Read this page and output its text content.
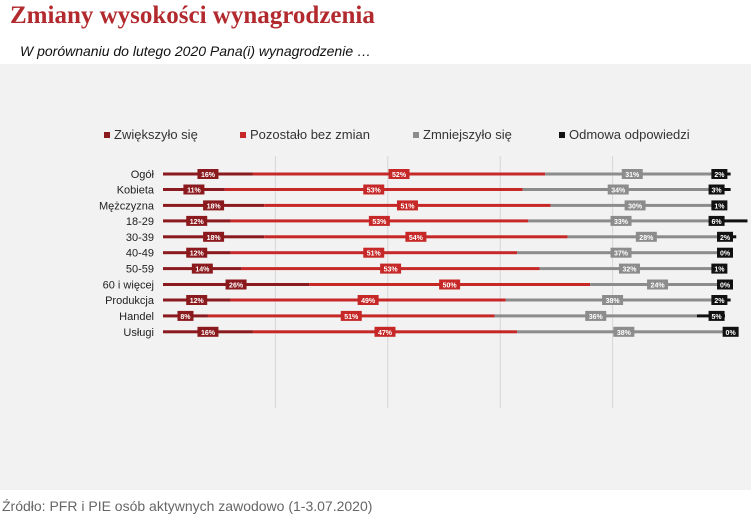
Zmiany wysokości wynagrodzenia
W porównaniu do lutego 2020 Pana(i) wynagrodzenie …
Zwiększyło się	Pozostało bez zmian	Zmniejszyło się	Odmowa odpowiedzi
Ogół	16%	52%	31%	2%
Kobieta	11%	53%	34%	3%
Mężczyzna	18%	51%	30%	1%
18-29	12%	53%	33%	6%
30-39	18%	54%	28%	2%
40-49	12%	51%	37%	0%
50-59	14%	53%	32%	1%
60 i więcej	26%	50%	24%	0%
Produkcja	12%	49%	38%	2%
Handel	8%	51%	36%	5%
Usługi	16%	47%	38%	0%
Źródło: PFR i PIE osób aktywnych zawodowo (1-3.07.2020)
